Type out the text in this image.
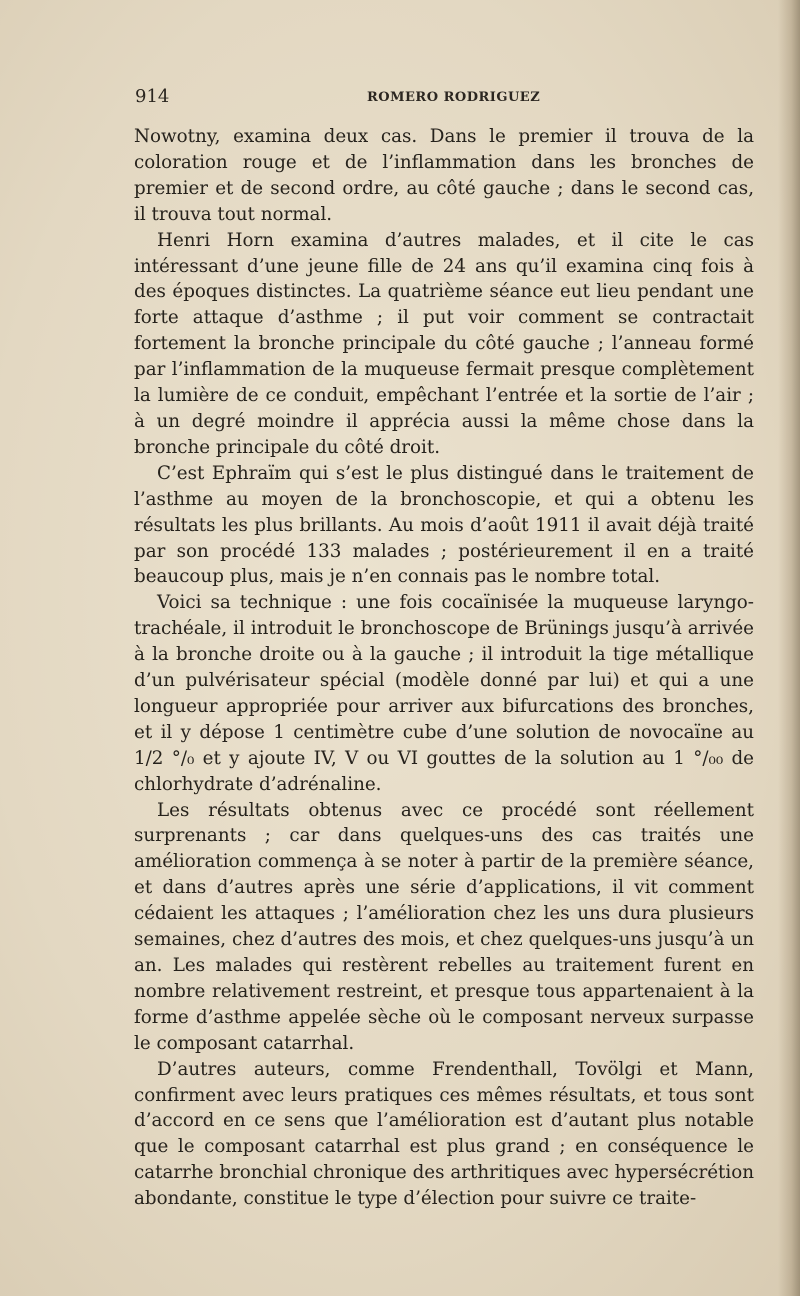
914	ROMERO RODRIGUEZ

Nowotny, examina deux cas. Dans le premier il trouva de la coloration rouge et de l’inflammation dans les bronches de premier et de second ordre, au côté gauche ; dans le second cas, il trouva tout normal.

Henri Horn examina d’autres malades, et il cite le cas intéressant d’une jeune fille de 24 ans qu’il examina cinq fois à des époques distinctes. La quatrième séance eut lieu pendant une forte attaque d’asthme ; il put voir comment se contractait fortement la bronche principale du côté gauche ; l’anneau formé par l’inflammation de la muqueuse fermait presque complètement la lumière de ce conduit, empêchant l’entrée et la sortie de l’air ; à un degré moindre il apprécia aussi la même chose dans la bronche principale du côté droit.

C’est Ephraïm qui s’est le plus distingué dans le traitement de l’asthme au moyen de la bronchoscopie, et qui a obtenu les résultats les plus brillants. Au mois d’août 1911 il avait déjà traité par son procédé 133 malades ; postérieurement il en a traité beaucoup plus, mais je n’en connais pas le nombre total.

Voici sa technique : une fois cocaïnisée la muqueuse laryngo-trachéale, il introduit le bronchoscope de Brünings jusqu’à arrivée à la bronche droite ou à la gauche ; il introduit la tige métallique d’un pulvérisateur spécial (modèle donné par lui) et qui a une longueur appropriée pour arriver aux bifurcations des bronches, et il y dépose 1 centimètre cube d’une solution de novocaïne au 1/2 °/₀ et y ajoute IV, V ou VI gouttes de la solution au 1 °/₀₀ de chlorhydrate d’adrénaline.

Les résultats obtenus avec ce procédé sont réellement surprenants ; car dans quelques-uns des cas traités une amélioration commença à se noter à partir de la première séance, et dans d’autres après une série d’applications, il vit comment cédaient les attaques ; l’amélioration chez les uns dura plusieurs semaines, chez d’autres des mois, et chez quelques-uns jusqu’à un an. Les malades qui restèrent rebelles au traitement furent en nombre relativement restreint, et presque tous appartenaient à la forme d’asthme appelée sèche où le composant nerveux surpasse le composant catarrhal.

D’autres auteurs, comme Frendenthall, Tovölgi et Mann, confirment avec leurs pratiques ces mêmes résultats, et tous sont d’accord en ce sens que l’amélioration est d’autant plus notable que le composant catarrhal est plus grand ; en conséquence le catarrhe bronchial chronique des arthritiques avec hypersécrétion abondante, constitue le type d’élection pour suivre ce traite-
